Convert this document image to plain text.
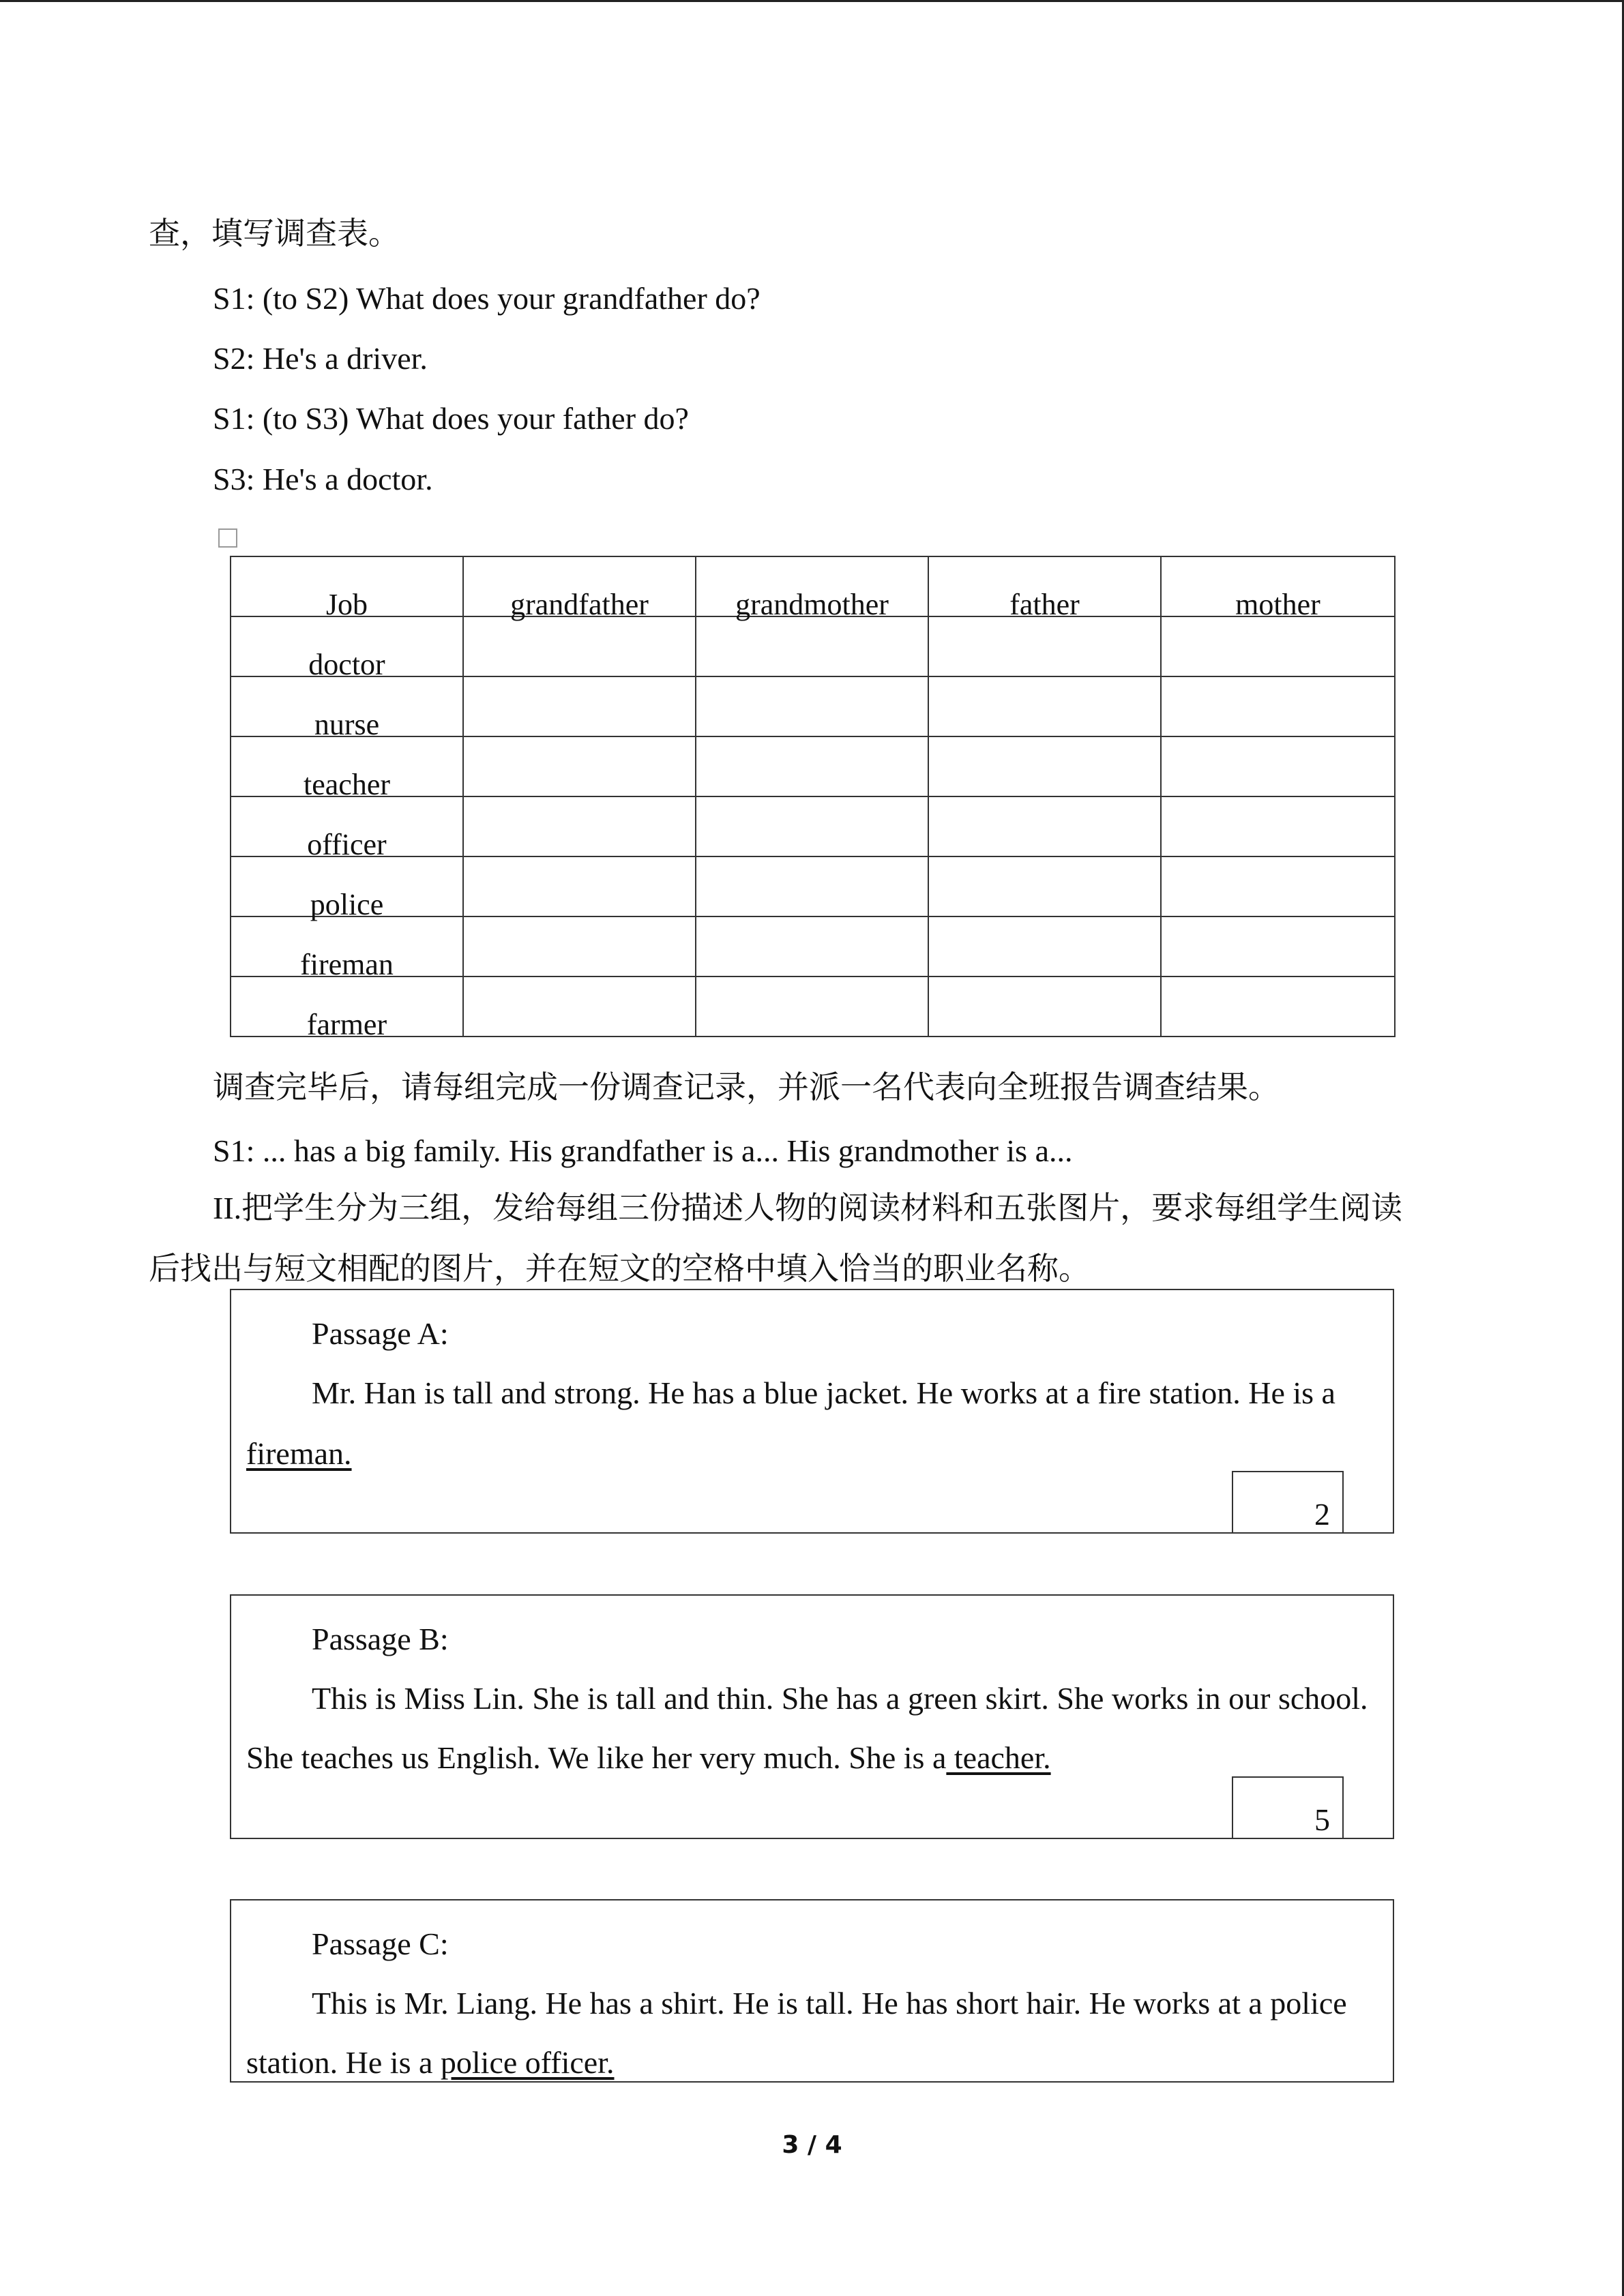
查，填写调查表。
S1: (to S2) What does your grandfather do?
S2: He's a driver.
S1: (to S3) What does your father do?
S3: He's a doctor.
Job	grandfather	grandmother	father	mother
doctor				
nurse				
teacher				
officer				
police				
fireman				
farmer				
调查完毕后，请每组完成一份调查记录，并派一名代表向全班报告调查结果。
S1: ... has a big family. His grandfather is a... His grandmother is a...
II.把学生分为三组，发给每组三份描述人物的阅读材料和五张图片，要求每组学生阅读
后找出与短文相配的图片，并在短文的空格中填入恰当的职业名称。
Passage A:
Mr. Han is tall and strong. He has a blue jacket. He works at a fire station. He is a
fireman.
2
Passage B:
This is Miss Lin. She is tall and thin. She has a green skirt. She works in our school.
She teaches us English. We like her very much. She is a teacher.
5
Passage C:
This is Mr. Liang. He has a shirt. He is tall. He has short hair. He works at a police
station. He is a police officer.
3 / 4
